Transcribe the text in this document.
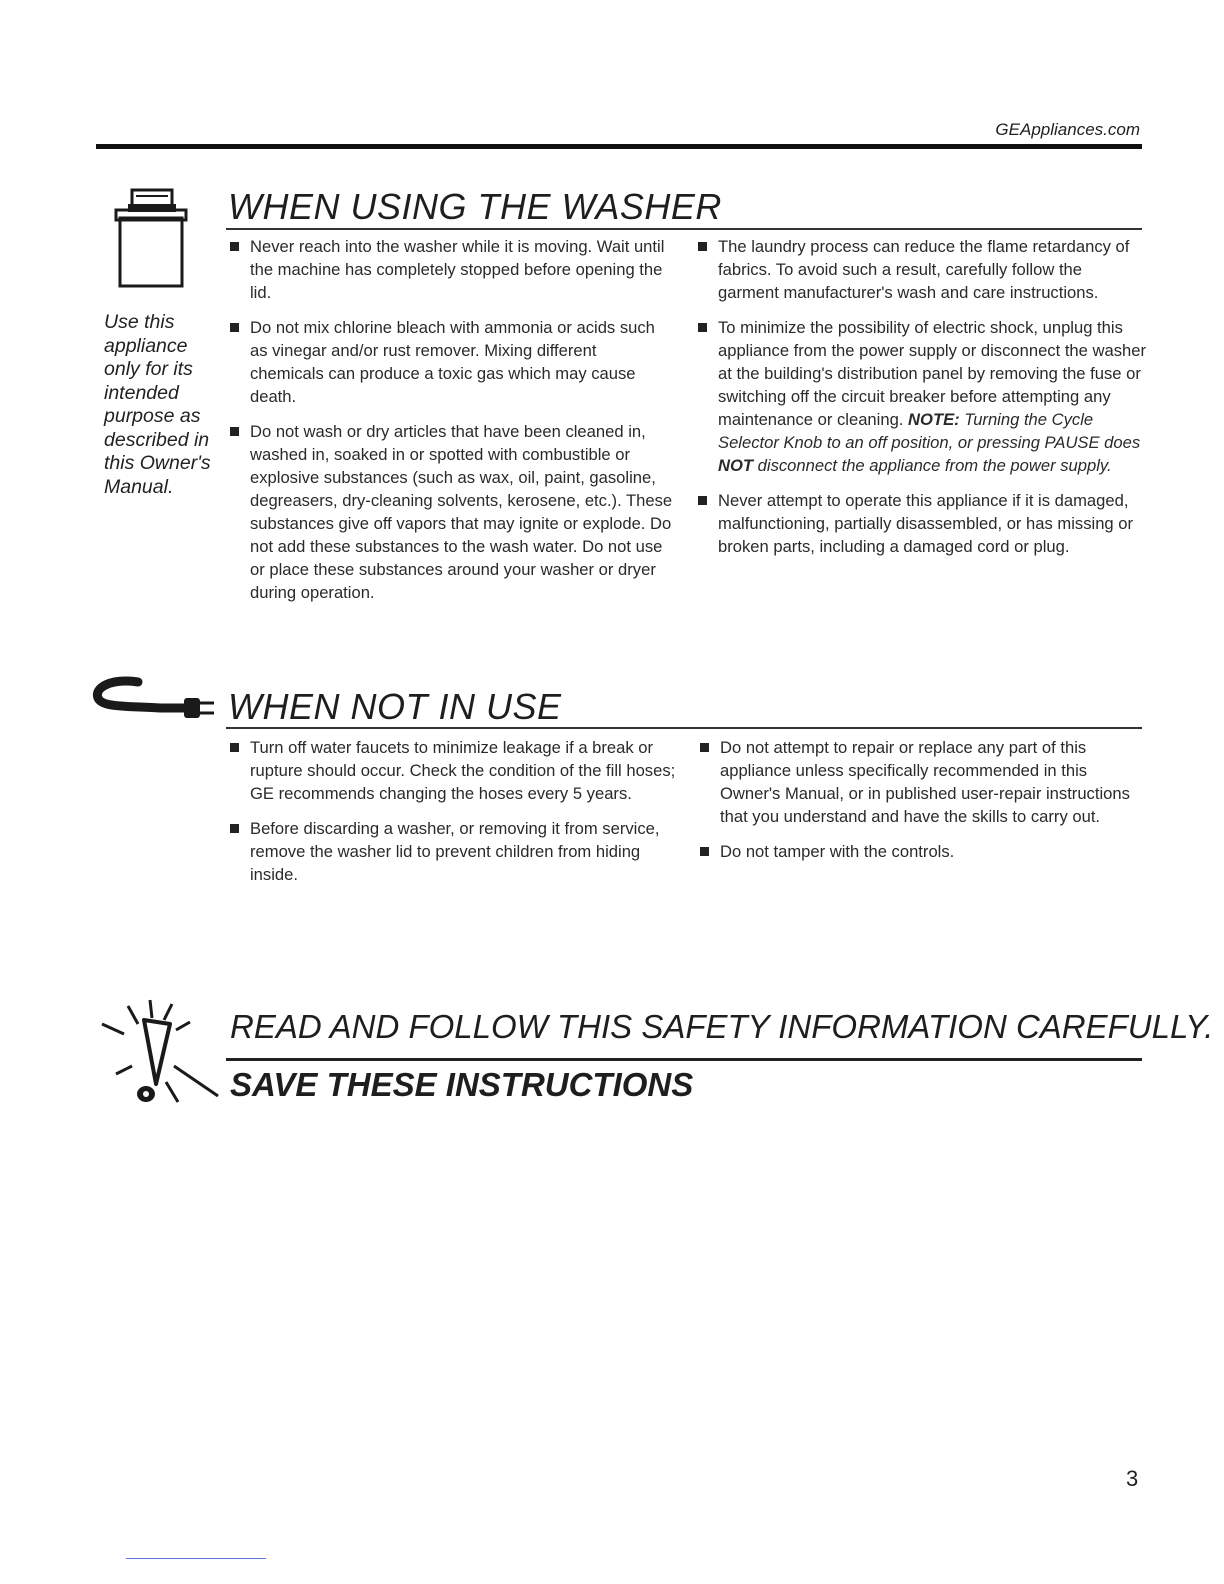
GEAppliances.com
WHEN USING THE WASHER
Use this appliance only for its intended purpose as described in this Owner's Manual.
Never reach into the washer while it is moving. Wait until the machine has completely stopped before opening the lid.
Do not mix chlorine bleach with ammonia or acids such as vinegar and/or rust remover. Mixing different chemicals can produce a toxic gas which may cause death.
Do not wash or dry articles that have been cleaned in, washed in, soaked in or spotted with combustible or explosive substances (such as wax, oil, paint, gasoline, degreasers, dry-cleaning solvents, kerosene, etc.). These substances give off vapors that may ignite or explode. Do not add these substances to the wash water. Do not use or place these substances around your washer or dryer during operation.
The laundry process can reduce the flame retardancy of fabrics. To avoid such a result, carefully follow the garment manufacturer's wash and care instructions.
To minimize the possibility of electric shock, unplug this appliance from the power supply or disconnect the washer at the building's distribution panel by removing the fuse or switching off the circuit breaker before attempting any maintenance or cleaning. NOTE: Turning the Cycle Selector Knob to an off position, or pressing PAUSE does NOT disconnect the appliance from the power supply.
Never attempt to operate this appliance if it is damaged, malfunctioning, partially disassembled, or has missing or broken parts, including a damaged cord or plug.
WHEN NOT IN USE
Turn off water faucets to minimize leakage if a break or rupture should occur. Check the condition of the fill hoses; GE recommends changing the hoses every 5 years.
Before discarding a washer, or removing it from service, remove the washer lid to prevent children from hiding inside.
Do not attempt to repair or replace any part of this appliance unless specifically recommended in this Owner's Manual, or in published user-repair instructions that you understand and have the skills to carry out.
Do not tamper with the controls.
READ AND FOLLOW THIS SAFETY INFORMATION CAREFULLY.
SAVE THESE INSTRUCTIONS
3
